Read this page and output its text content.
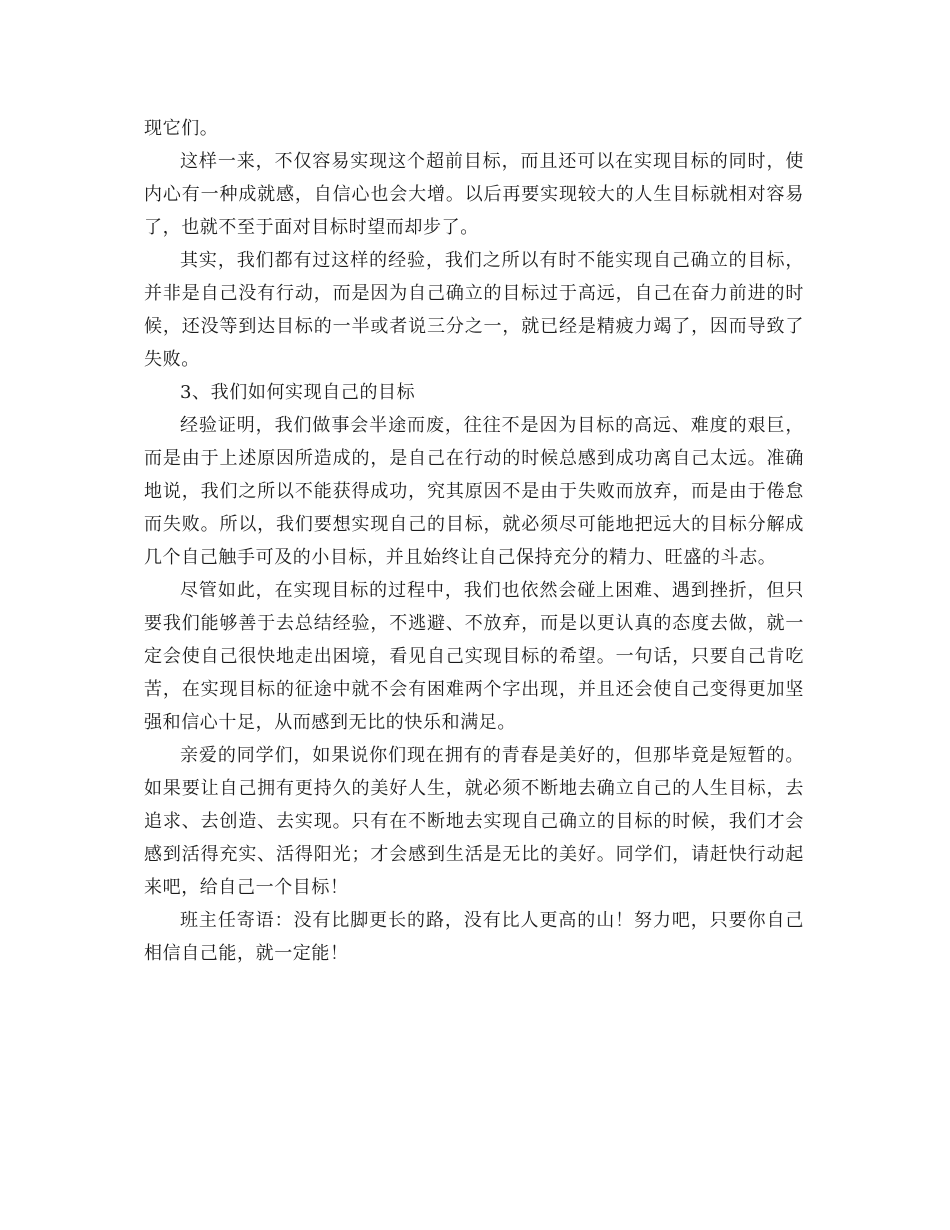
现它们。

这样一来，不仅容易实现这个超前目标，而且还可以在实现目标的同时，使内心有一种成就感，自信心也会大增。以后再要实现较大的人生目标就相对容易了，也就不至于面对目标时望而却步了。

其实，我们都有过这样的经验，我们之所以有时不能实现自己确立的目标，并非是自己没有行动，而是因为自己确立的目标过于高远，自己在奋力前进的时候，还没等到达目标的一半或者说三分之一，就已经是精疲力竭了，因而导致了失败。

3、我们如何实现自己的目标

经验证明，我们做事会半途而废，往往不是因为目标的高远、难度的艰巨，而是由于上述原因所造成的，是自己在行动的时候总感到成功离自己太远。准确地说，我们之所以不能获得成功，究其原因不是由于失败而放弃，而是由于倦怠而失败。所以，我们要想实现自己的目标，就必须尽可能地把远大的目标分解成几个自己触手可及的小目标，并且始终让自己保持充分的精力、旺盛的斗志。

尽管如此，在实现目标的过程中，我们也依然会碰上困难、遇到挫折，但只要我们能够善于去总结经验，不逃避、不放弃，而是以更认真的态度去做，就一定会使自己很快地走出困境，看见自己实现目标的希望。一句话，只要自己肯吃苦，在实现目标的征途中就不会有困难两个字出现，并且还会使自己变得更加坚强和信心十足，从而感到无比的快乐和满足。

亲爱的同学们，如果说你们现在拥有的青春是美好的，但那毕竟是短暂的。如果要让自己拥有更持久的美好人生，就必须不断地去确立自己的人生目标，去追求、去创造、去实现。只有在不断地去实现自己确立的目标的时候，我们才会感到活得充实、活得阳光；才会感到生活是无比的美好。同学们，请赶快行动起来吧，给自己一个目标！

班主任寄语：没有比脚更长的路，没有比人更高的山！努力吧，只要你自己相信自己能，就一定能！
